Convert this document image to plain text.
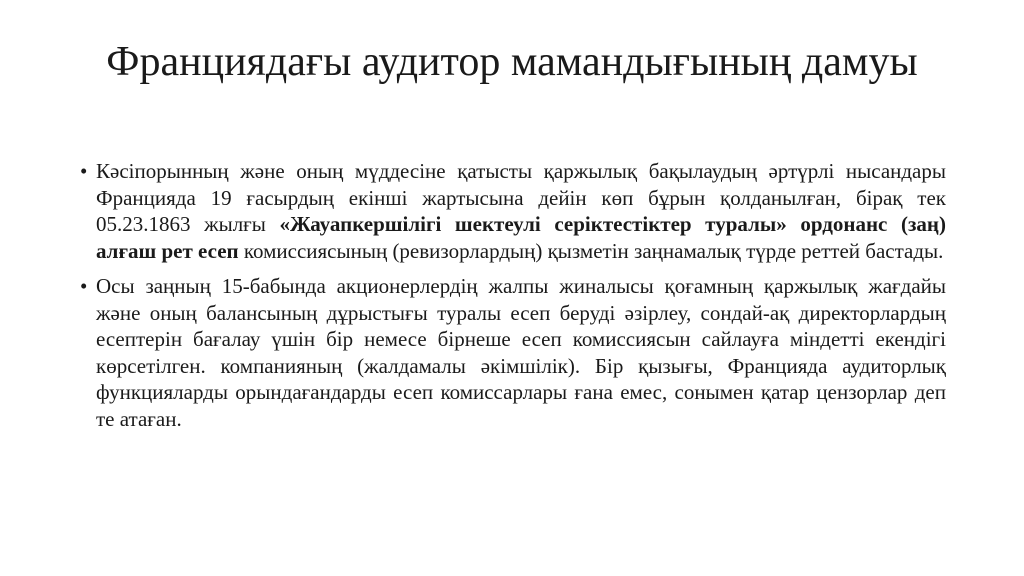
Франциядағы аудитор мамандығының дамуы
• Кәсіпорынның және оның мүддесіне қатысты қаржылық бақылаудың әртүрлі нысандары Францияда 19 ғасырдың екінші жартысына дейін көп бұрын қолданылған, бірақ тек 05.23.1863 жылғы «Жауапкершілігі шектеулі серіктестіктер туралы» ордонанс (заң) алғаш рет есеп комиссиясының (ревизорлардың) қызметін заңнамалық түрде реттей бастады.
• Осы заңның 15-бабында акционерлердің жалпы жиналысы қоғамның қаржылық жағдайы және оның балансының дұрыстығы туралы есеп беруді әзірлеу, сондай-ақ директорлардың есептерін бағалау үшін бір немесе бірнеше есеп комиссиясын сайлауға міндетті екендігі көрсетілген. компанияның (жалдамалы әкімшілік). Бір қызығы, Францияда аудиторлық функцияларды орындағандарды есеп комиссарлары ғана емес, сонымен қатар цензорлар деп те атаған.
